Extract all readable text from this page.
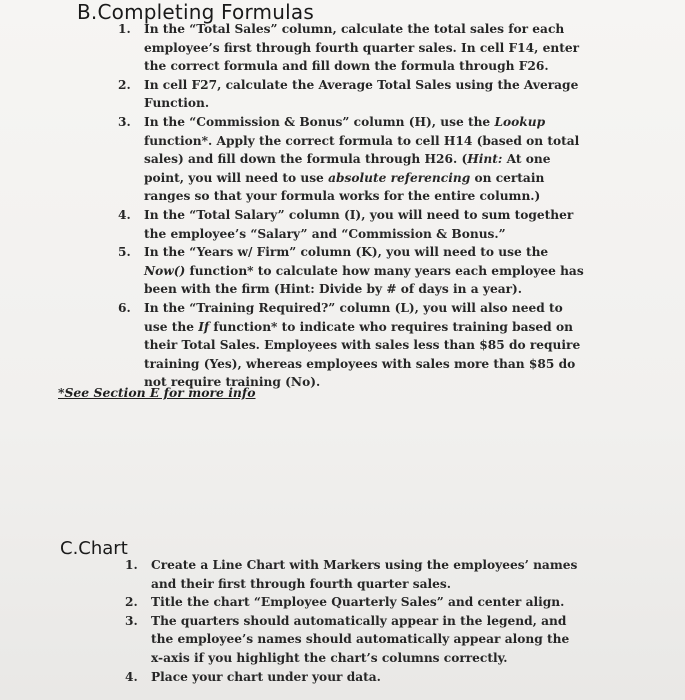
B.Completing Formulas
1. In the “Total Sales” column, calculate the total sales for each employee’s first through fourth quarter sales. In cell F14, enter the correct formula and fill down the formula through F26.
2. In cell F27, calculate the Average Total Sales using the Average Function.
3. In the “Commission & Bonus” column (H), use the Lookup function*. Apply the correct formula to cell H14 (based on total sales) and fill down the formula through H26. (Hint: At one point, you will need to use absolute referencing on certain ranges so that your formula works for the entire column.)
4. In the “Total Salary” column (I), you will need to sum together the employee’s “Salary” and “Commission & Bonus.”
5. In the “Years w/ Firm” column (K), you will need to use the Now() function* to calculate how many years each employee has been with the firm (Hint: Divide by # of days in a year).
6. In the “Training Required?” column (L), you will also need to use the If function* to indicate who requires training based on their Total Sales. Employees with sales less than $85 do require training (Yes), whereas employees with sales more than $85 do not require training (No).
*See Section E for more info
C.Chart
1. Create a Line Chart with Markers using the employees’ names and their first through fourth quarter sales.
2. Title the chart “Employee Quarterly Sales” and center align.
3. The quarters should automatically appear in the legend, and the employee’s names should automatically appear along the x-axis if you highlight the chart’s columns correctly.
4. Place your chart under your data.
